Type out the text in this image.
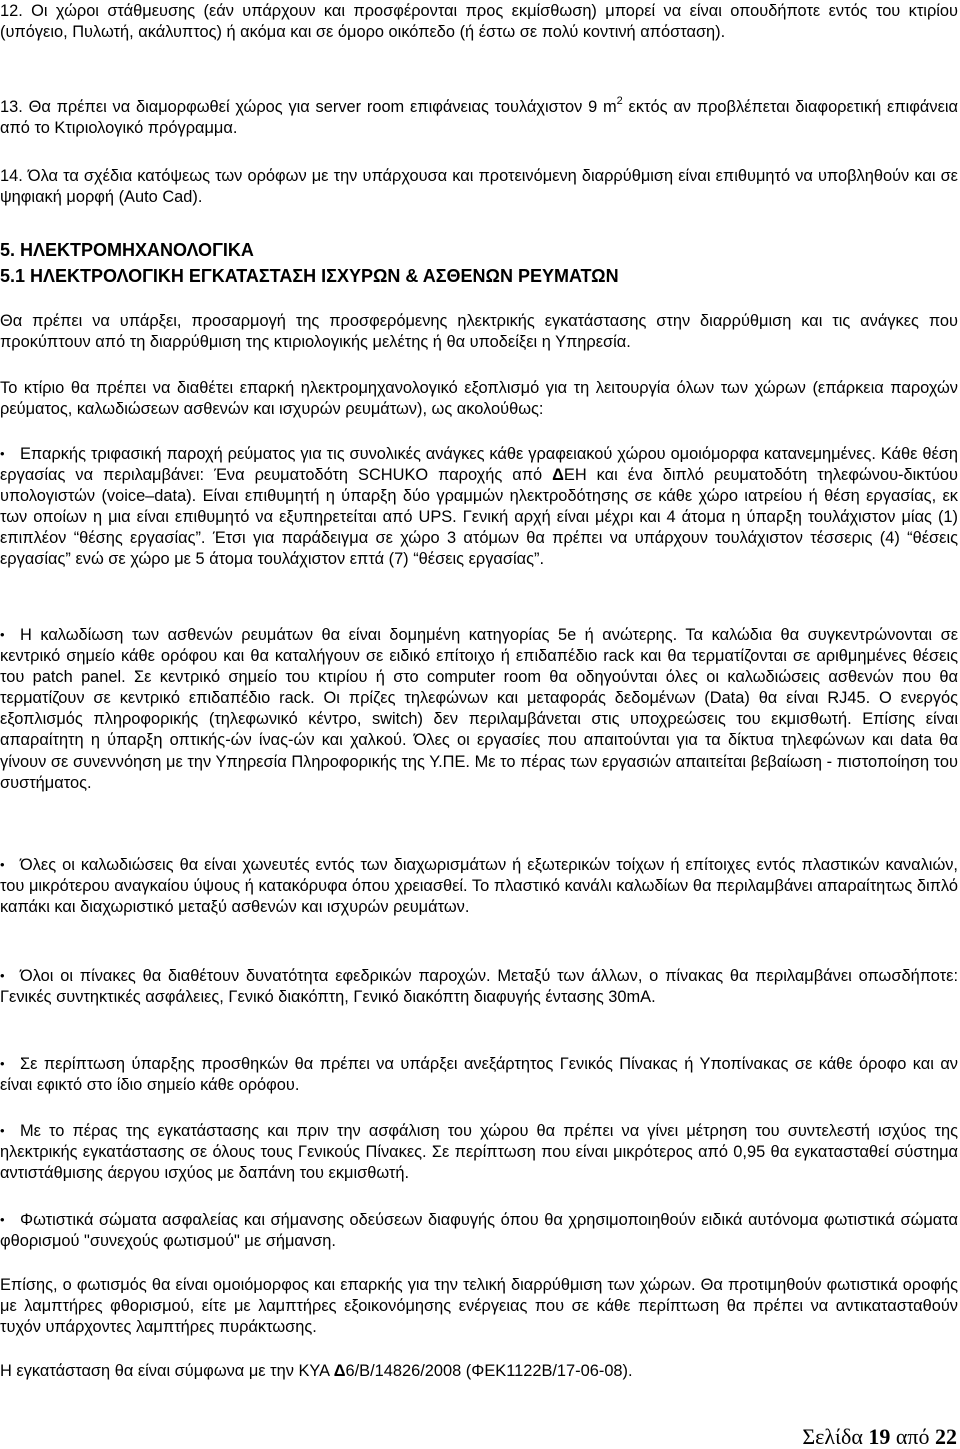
12. Οι χώροι στάθμευσης (εάν υπάρχουν και προσφέρονται προς εκμίσθωση) μπορεί να είναι οπουδήποτε εντός του κτιρίου (υπόγειο, Πυλωτή, ακάλυπτος) ή ακόμα και σε όμορο οικόπεδο (ή έστω σε πολύ κοντινή απόσταση).

13. Θα πρέπει να διαμορφωθεί χώρος για server room επιφάνειας τουλάχιστον 9 $m^2$ εκτός αν προβλέπεται διαφορετική επιφάνεια από το Κτιριολογικό πρόγραμμα.

14. Όλα τα σχέδια κατόψεως των ορόφων με την υπάρχουσα και προτεινόμενη διαρρύθμιση είναι επιθυμητό να υποβληθούν και σε ψηφιακή μορφή (Auto Cad).

5. ΗΛΕΚΤΡΟΜΗΧΑΝΟΛΟΓΙΚΑ
5.1 ΗΛΕΚΤΡΟΛΟΓΙΚΗ ΕΓΚΑΤΑΣΤΑΣΗ ΙΣΧΥΡΩΝ & ΑΣΘΕΝΩΝ ΡΕΥΜΑΤΩΝ

Θα πρέπει να υπάρξει, προσαρμογή της προσφερόμενης ηλεκτρικής εγκατάστασης στην διαρρύθμιση και τις ανάγκες που προκύπτουν από τη διαρρύθμιση της κτιριολογικής μελέτης ή θα υποδείξει η Υπηρεσία.

Το κτίριο θα πρέπει να διαθέτει επαρκή ηλεκτρομηχανολογικό εξοπλισμό για τη λειτουργία όλων των χώρων (επάρκεια παροχών ρεύματος, καλωδιώσεων ασθενών και ισχυρών ρευμάτων), ως ακολούθως:

• Επαρκής τριφασική παροχή ρεύματος για τις συνολικές ανάγκες κάθε γραφειακού χώρου ομοιόμορφα κατανεμημένες. Κάθε θέση εργασίας να περιλαμβάνει: Ένα ρευματοδότη SCHUKO παροχής από ΔΕΗ και ένα διπλό ρευματοδότη τηλεφώνου-δικτύου υπολογιστών (voice–data). Είναι επιθυμητή η ύπαρξη δύο γραμμών ηλεκτροδότησης σε κάθε χώρο ιατρείου ή θέση εργασίας, εκ των οποίων η μια είναι επιθυμητό να εξυπηρετείται από UPS. Γενική αρχή είναι μέχρι και 4 άτομα η ύπαρξη τουλάχιστον μίας (1) επιπλέον “θέσης εργασίας”. Έτσι για παράδειγμα σε χώρο 3 ατόμων θα πρέπει να υπάρχουν τουλάχιστον τέσσερις (4) “θέσεις εργασίας” ενώ σε χώρο με 5 άτομα τουλάχιστον επτά (7) “θέσεις εργασίας”.

• Η καλωδίωση των ασθενών ρευμάτων θα είναι δομημένη κατηγορίας 5e ή ανώτερης. Τα καλώδια θα συγκεντρώνονται σε κεντρικό σημείο κάθε ορόφου και θα καταλήγουν σε ειδικό επίτοιχο ή επιδαπέδιο rack και θα τερματίζονται σε αριθμημένες θέσεις του patch panel. Σε κεντρικό σημείο του κτιρίου ή στο computer room θα οδηγούνται όλες οι καλωδιώσεις ασθενών που θα τερματίζουν σε κεντρικό επιδαπέδιο rack. Οι πρίζες τηλεφώνων και μεταφοράς δεδομένων (Data) θα είναι RJ45. Ο ενεργός εξοπλισμός πληροφορικής (τηλεφωνικό κέντρο, switch) δεν περιλαμβάνεται στις υποχρεώσεις του εκμισθωτή. Επίσης είναι απαραίτητη η ύπαρξη οπτικής-ών ίνας-ών και χαλκού. Όλες οι εργασίες που απαιτούνται για τα δίκτυα τηλεφώνων και data θα γίνουν σε συνεννόηση με την Υπηρεσία Πληροφορικής της Υ.ΠΕ. Με το πέρας των εργασιών απαιτείται βεβαίωση - πιστοποίηση του συστήματος.

• Όλες οι καλωδιώσεις θα είναι χωνευτές εντός των διαχωρισμάτων ή εξωτερικών τοίχων ή επίτοιχες εντός πλαστικών καναλιών, του μικρότερου αναγκαίου ύψους ή κατακόρυφα όπου χρειασθεί. Το πλαστικό κανάλι καλωδίων θα περιλαμβάνει απαραίτητως διπλό καπάκι και διαχωριστικό μεταξύ ασθενών και ισχυρών ρευμάτων.

• Όλοι οι πίνακες θα διαθέτουν δυνατότητα εφεδρικών παροχών. Μεταξύ των άλλων, ο πίνακας θα περιλαμβάνει οπωσδήποτε: Γενικές συντηκτικές ασφάλειες, Γενικό διακόπτη, Γενικό διακόπτη διαφυγής έντασης 30mA.

• Σε περίπτωση ύπαρξης προσθηκών θα πρέπει να υπάρξει ανεξάρτητος Γενικός Πίνακας ή Υποπίνακας σε κάθε όροφο και αν είναι εφικτό στο ίδιο σημείο κάθε ορόφου.

• Με το πέρας της εγκατάστασης και πριν την ασφάλιση του χώρου θα πρέπει να γίνει μέτρηση του συντελεστή ισχύος της ηλεκτρικής εγκατάστασης σε όλους τους Γενικούς Πίνακες. Σε περίπτωση που είναι μικρότερος από 0,95 θα εγκατασταθεί σύστημα αντιστάθμισης άεργου ισχύος με δαπάνη του εκμισθωτή.

• Φωτιστικά σώματα ασφαλείας και σήμανσης οδεύσεων διαφυγής όπου θα χρησιμοποιηθούν ειδικά αυτόνομα φωτιστικά σώματα φθορισμού "συνεχούς φωτισμού" με σήμανση.

Επίσης, ο φωτισμός θα είναι ομοιόμορφος και επαρκής για την τελική διαρρύθμιση των χώρων. Θα προτιμηθούν φωτιστικά οροφής με λαμπτήρες φθορισμού, είτε με λαμπτήρες εξοικονόμησης ενέργειας που σε κάθε περίπτωση θα πρέπει να αντικατασταθούν τυχόν υπάρχοντες λαμπτήρες πυράκτωσης.

Η εγκατάσταση θα είναι σύμφωνα με την ΚΥΑ Δ6/Β/14826/2008 (ΦΕΚ1122Β/17-06-08).

Σελίδα 19 από 22
